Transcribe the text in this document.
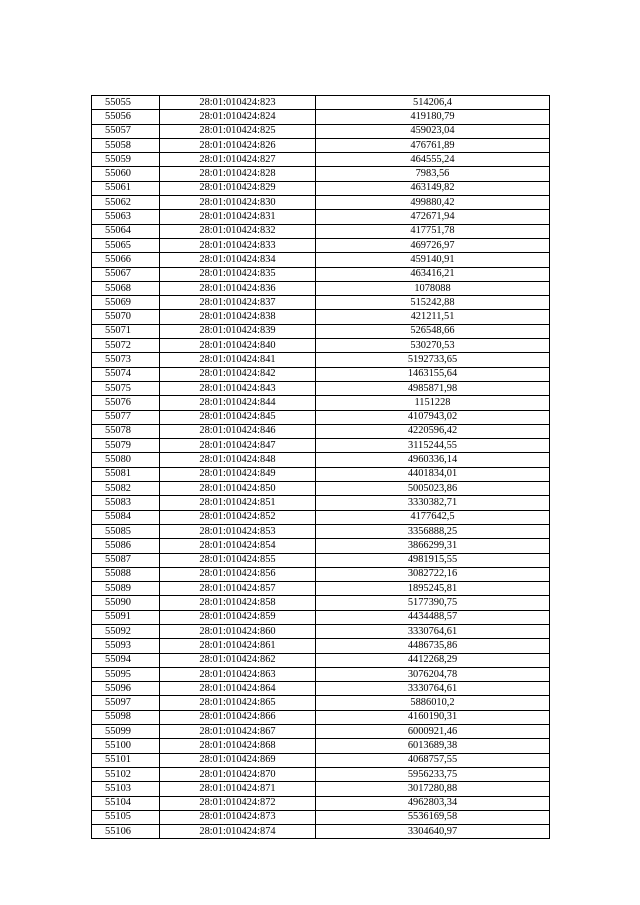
55055	28:01:010424:823	514206,4
55056	28:01:010424:824	419180,79
55057	28:01:010424:825	459023,04
55058	28:01:010424:826	476761,89
55059	28:01:010424:827	464555,24
55060	28:01:010424:828	7983,56
55061	28:01:010424:829	463149,82
55062	28:01:010424:830	499880,42
55063	28:01:010424:831	472671,94
55064	28:01:010424:832	417751,78
55065	28:01:010424:833	469726,97
55066	28:01:010424:834	459140,91
55067	28:01:010424:835	463416,21
55068	28:01:010424:836	1078088
55069	28:01:010424:837	515242,88
55070	28:01:010424:838	421211,51
55071	28:01:010424:839	526548,66
55072	28:01:010424:840	530270,53
55073	28:01:010424:841	5192733,65
55074	28:01:010424:842	1463155,64
55075	28:01:010424:843	4985871,98
55076	28:01:010424:844	1151228
55077	28:01:010424:845	4107943,02
55078	28:01:010424:846	4220596,42
55079	28:01:010424:847	3115244,55
55080	28:01:010424:848	4960336,14
55081	28:01:010424:849	4401834,01
55082	28:01:010424:850	5005023,86
55083	28:01:010424:851	3330382,71
55084	28:01:010424:852	4177642,5
55085	28:01:010424:853	3356888,25
55086	28:01:010424:854	3866299,31
55087	28:01:010424:855	4981915,55
55088	28:01:010424:856	3082722,16
55089	28:01:010424:857	1895245,81
55090	28:01:010424:858	5177390,75
55091	28:01:010424:859	4434488,57
55092	28:01:010424:860	3330764,61
55093	28:01:010424:861	4486735,86
55094	28:01:010424:862	4412268,29
55095	28:01:010424:863	3076204,78
55096	28:01:010424:864	3330764,61
55097	28:01:010424:865	5886010,2
55098	28:01:010424:866	4160190,31
55099	28:01:010424:867	6000921,46
55100	28:01:010424:868	6013689,38
55101	28:01:010424:869	4068757,55
55102	28:01:010424:870	5956233,75
55103	28:01:010424:871	3017280,88
55104	28:01:010424:872	4962803,34
55105	28:01:010424:873	5536169,58
55106	28:01:010424:874	3304640,97
